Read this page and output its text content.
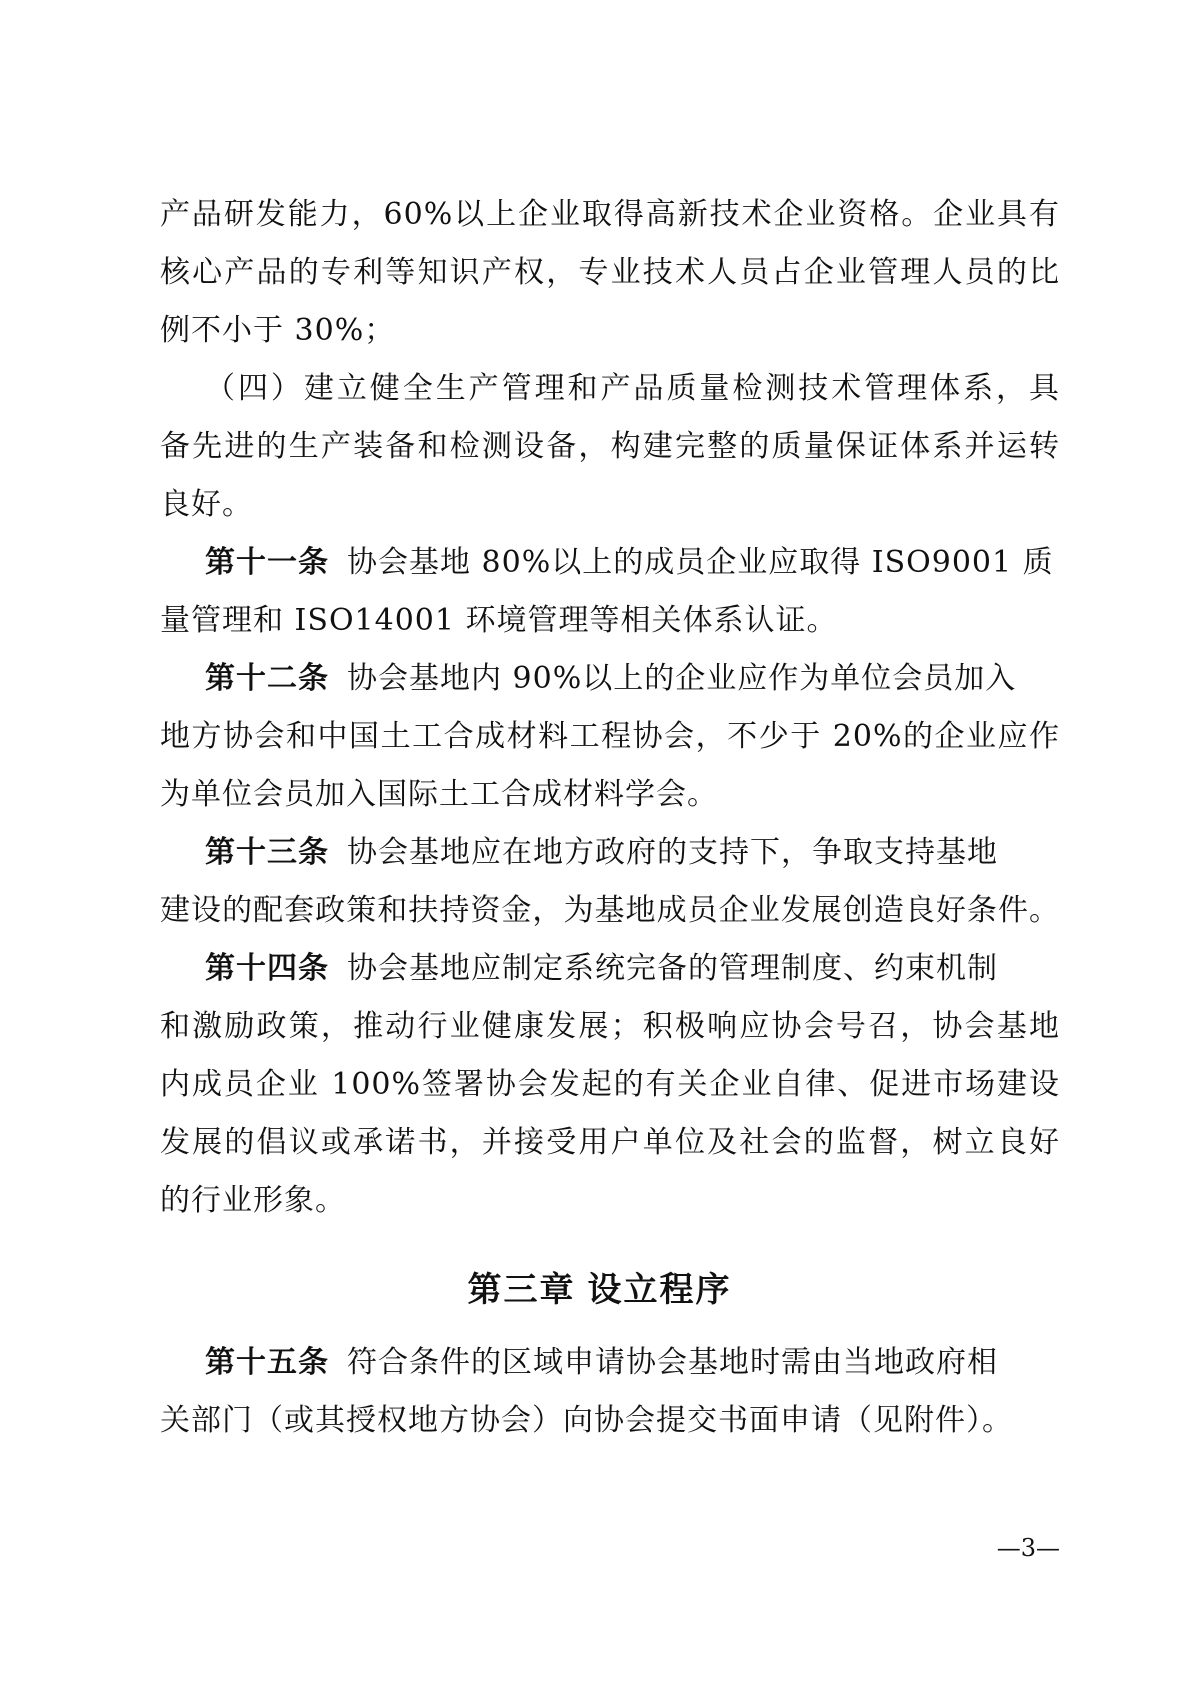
产品研发能力，60%以上企业取得高新技术企业资格。企业具有
核心产品的专利等知识产权，专业技术人员占企业管理人员的比
例不小于 30%；
（四）建立健全生产管理和产品质量检测技术管理体系，具
备先进的生产装备和检测设备，构建完整的质量保证体系并运转
良好。
第十一条 协会基地 80%以上的成员企业应取得 ISO9001 质
量管理和 ISO14001 环境管理等相关体系认证。
第十二条 协会基地内 90%以上的企业应作为单位会员加入
地方协会和中国土工合成材料工程协会，不少于 20%的企业应作
为单位会员加入国际土工合成材料学会。
第十三条 协会基地应在地方政府的支持下，争取支持基地
建设的配套政策和扶持资金，为基地成员企业发展创造良好条件。
第十四条 协会基地应制定系统完备的管理制度、约束机制
和激励政策，推动行业健康发展；积极响应协会号召，协会基地
内成员企业 100%签署协会发起的有关企业自律、促进市场建设
发展的倡议或承诺书，并接受用户单位及社会的监督，树立良好
的行业形象。
第三章 设立程序
第十五条 符合条件的区域申请协会基地时需由当地政府相
关部门（或其授权地方协会）向协会提交书面申请（见附件）。
—3—
